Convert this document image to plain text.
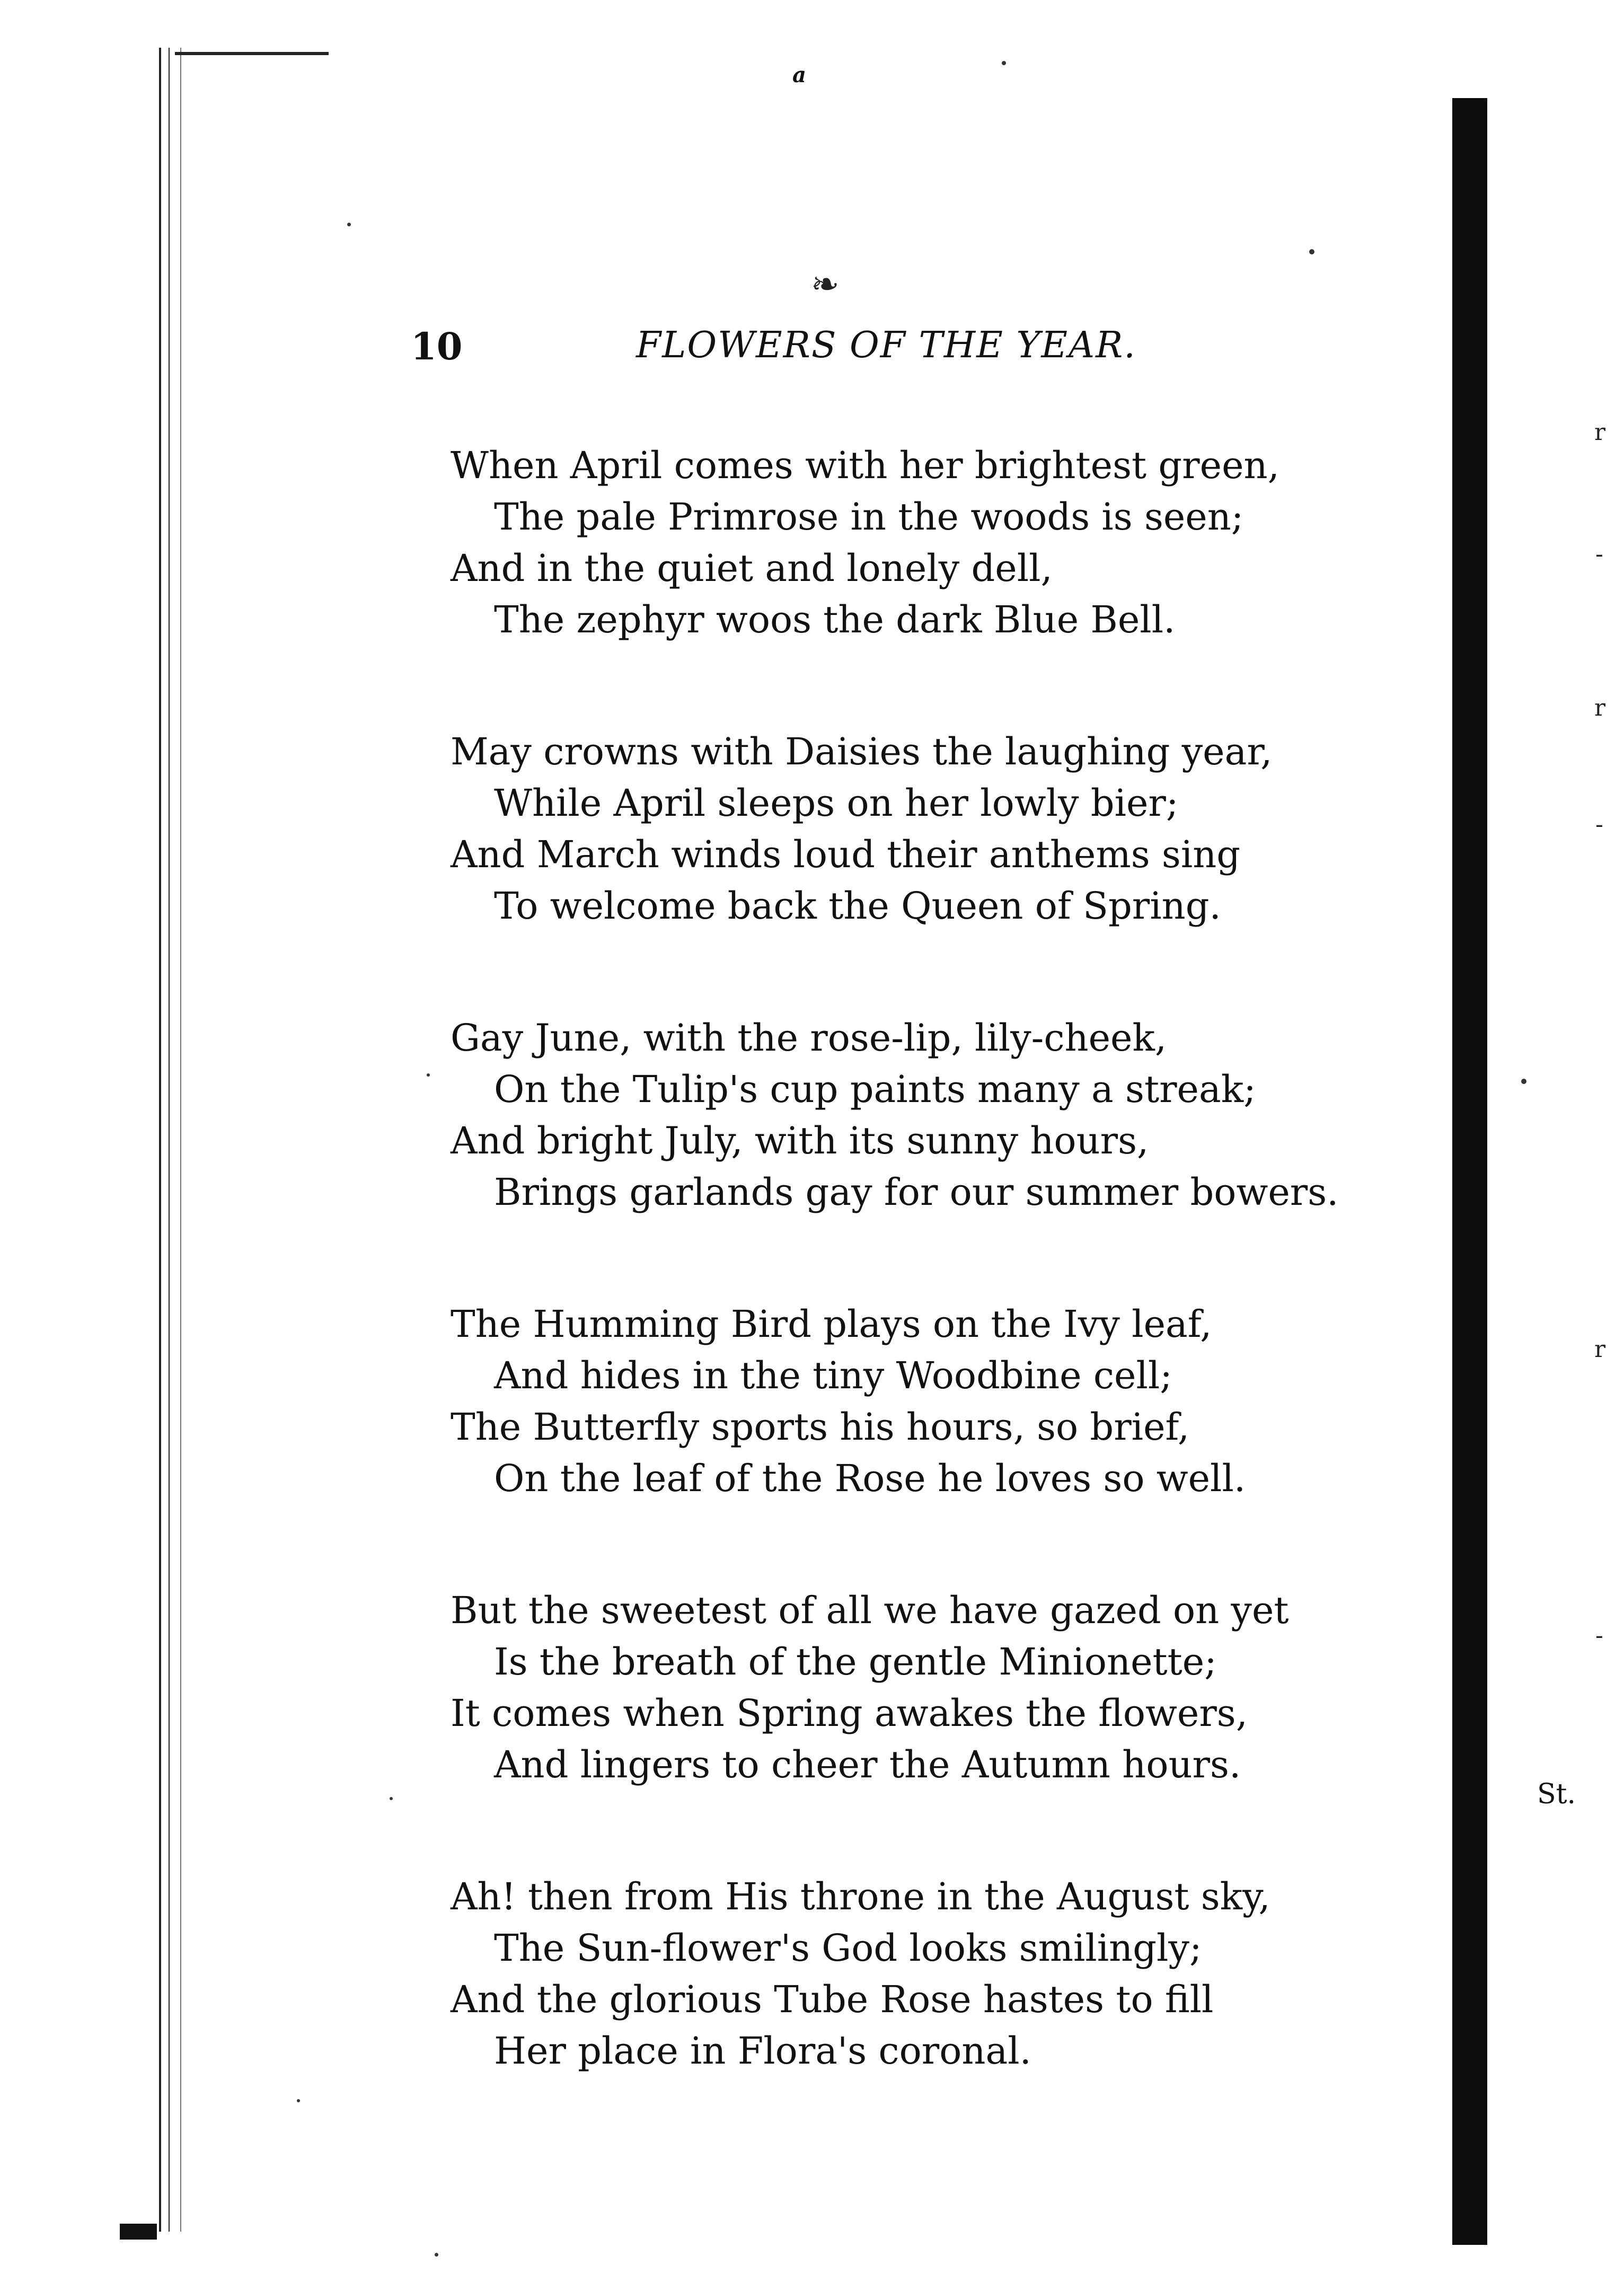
a
❧
10	FLOWERS OF THE YEAR.
When April comes with her brightest green,
The pale Primrose in the woods is seen;
And in the quiet and lonely dell,
The zephyr woos the dark Blue Bell.
May crowns with Daisies the laughing year,
While April sleeps on her lowly bier;
And March winds loud their anthems sing
To welcome back the Queen of Spring.
Gay June, with the rose-lip, lily-cheek,
On the Tulip's cup paints many a streak;
And bright July, with its sunny hours,
Brings garlands gay for our summer bowers.
The Humming Bird plays on the Ivy leaf,
And hides in the tiny Woodbine cell;
The Butterfly sports his hours, so brief,
On the leaf of the Rose he loves so well.
But the sweetest of all we have gazed on yet
Is the breath of the gentle Minionette;
It comes when Spring awakes the flowers,
And lingers to cheer the Autumn hours.
Ah! then from His throne in the August sky,
The Sun-flower's God looks smilingly;
And the glorious Tube Rose hastes to fill
Her place in Flora's coronal.
St.
r
-
r
-
r
-
